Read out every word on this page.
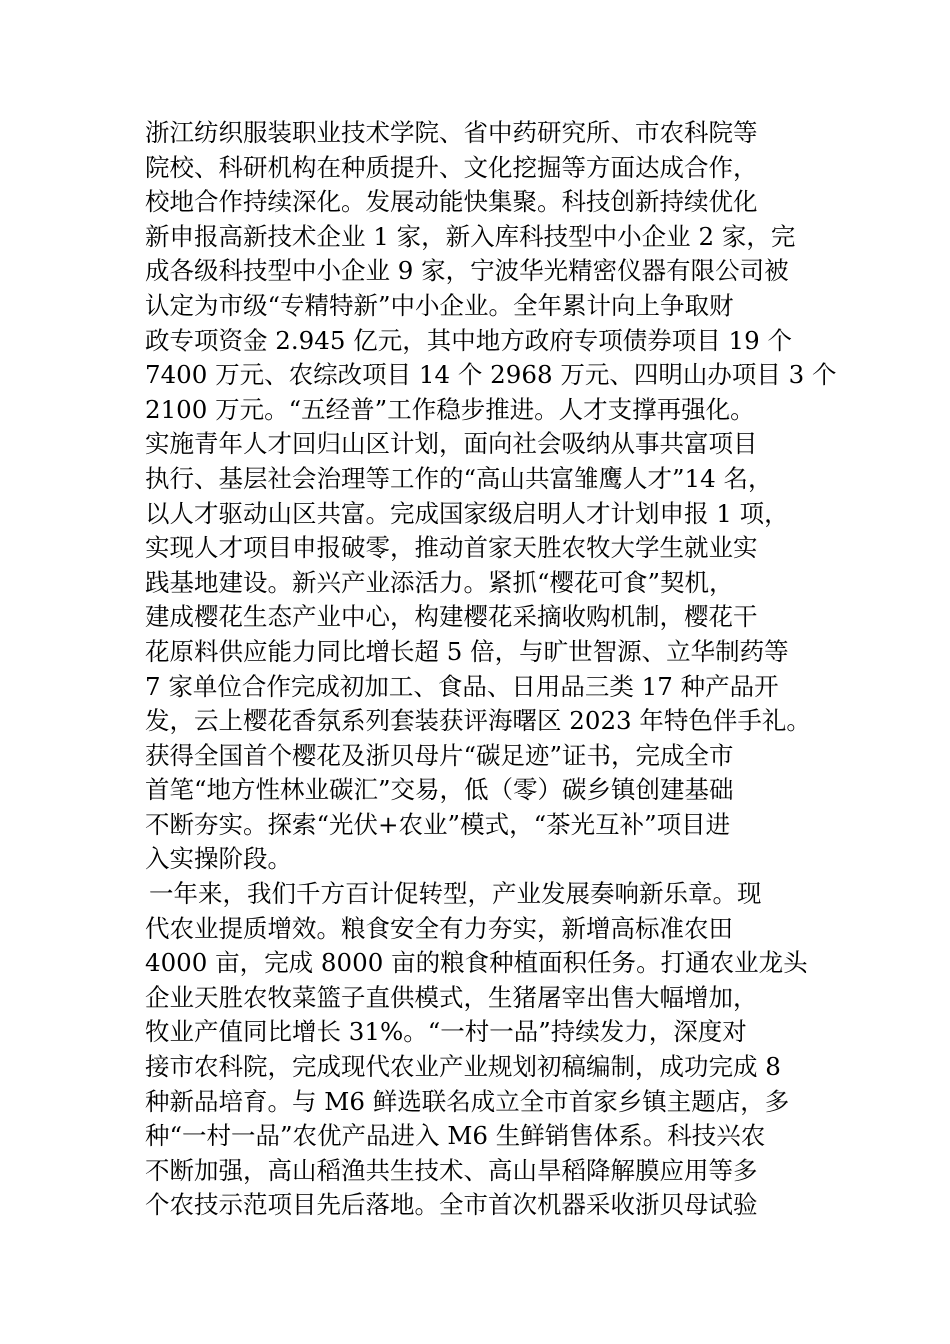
浙江纺织服装职业技术学院、省中药研究所、市农科院等
院校、科研机构在种质提升、文化挖掘等方面达成合作，
校地合作持续深化。发展动能快集聚。科技创新持续优化
新申报高新技术企业 1 家，新入库科技型中小企业 2 家，完
成各级科技型中小企业 9 家，宁波华光精密仪器有限公司被
认定为市级“专精特新”中小企业。全年累计向上争取财
政专项资金 2.945 亿元，其中地方政府专项债券项目 19 个
7400 万元、农综改项目 14 个 2968 万元、四明山办项目 3 个
2100 万元。“五经普”工作稳步推进。人才支撑再强化。
实施青年人才回归山区计划，面向社会吸纳从事共富项目
执行、基层社会治理等工作的“高山共富雏鹰人才”14 名，
以人才驱动山区共富。完成国家级启明人才计划申报 1 项，
实现人才项目申报破零，推动首家天胜农牧大学生就业实
践基地建设。新兴产业添活力。紧抓“樱花可食”契机，
建成樱花生态产业中心，构建樱花采摘收购机制，樱花干
花原料供应能力同比增长超 5 倍，与旷世智源、立华制药等
7 家单位合作完成初加工、食品、日用品三类 17 种产品开
发，云上樱花香氛系列套装获评海曙区 2023 年特色伴手礼。
获得全国首个樱花及浙贝母片“碳足迹”证书，完成全市
首笔“地方性林业碳汇”交易，低（零）碳乡镇创建基础
不断夯实。探索“光伏+农业”模式，“茶光互补”项目进
入实操阶段。
一年来，我们千方百计促转型，产业发展奏响新乐章。现
代农业提质增效。粮食安全有力夯实，新增高标准农田
4000 亩，完成 8000 亩的粮食种植面积任务。打通农业龙头
企业天胜农牧菜篮子直供模式，生猪屠宰出售大幅增加，
牧业产值同比增长 31%。“一村一品”持续发力，深度对
接市农科院，完成现代农业产业规划初稿编制，成功完成 8
种新品培育。与 M6 鲜选联名成立全市首家乡镇主题店，多
种“一村一品”农优产品进入 M6 生鲜销售体系。科技兴农
不断加强，高山稻渔共生技术、高山旱稻降解膜应用等多
个农技示范项目先后落地。全市首次机器采收浙贝母试验
